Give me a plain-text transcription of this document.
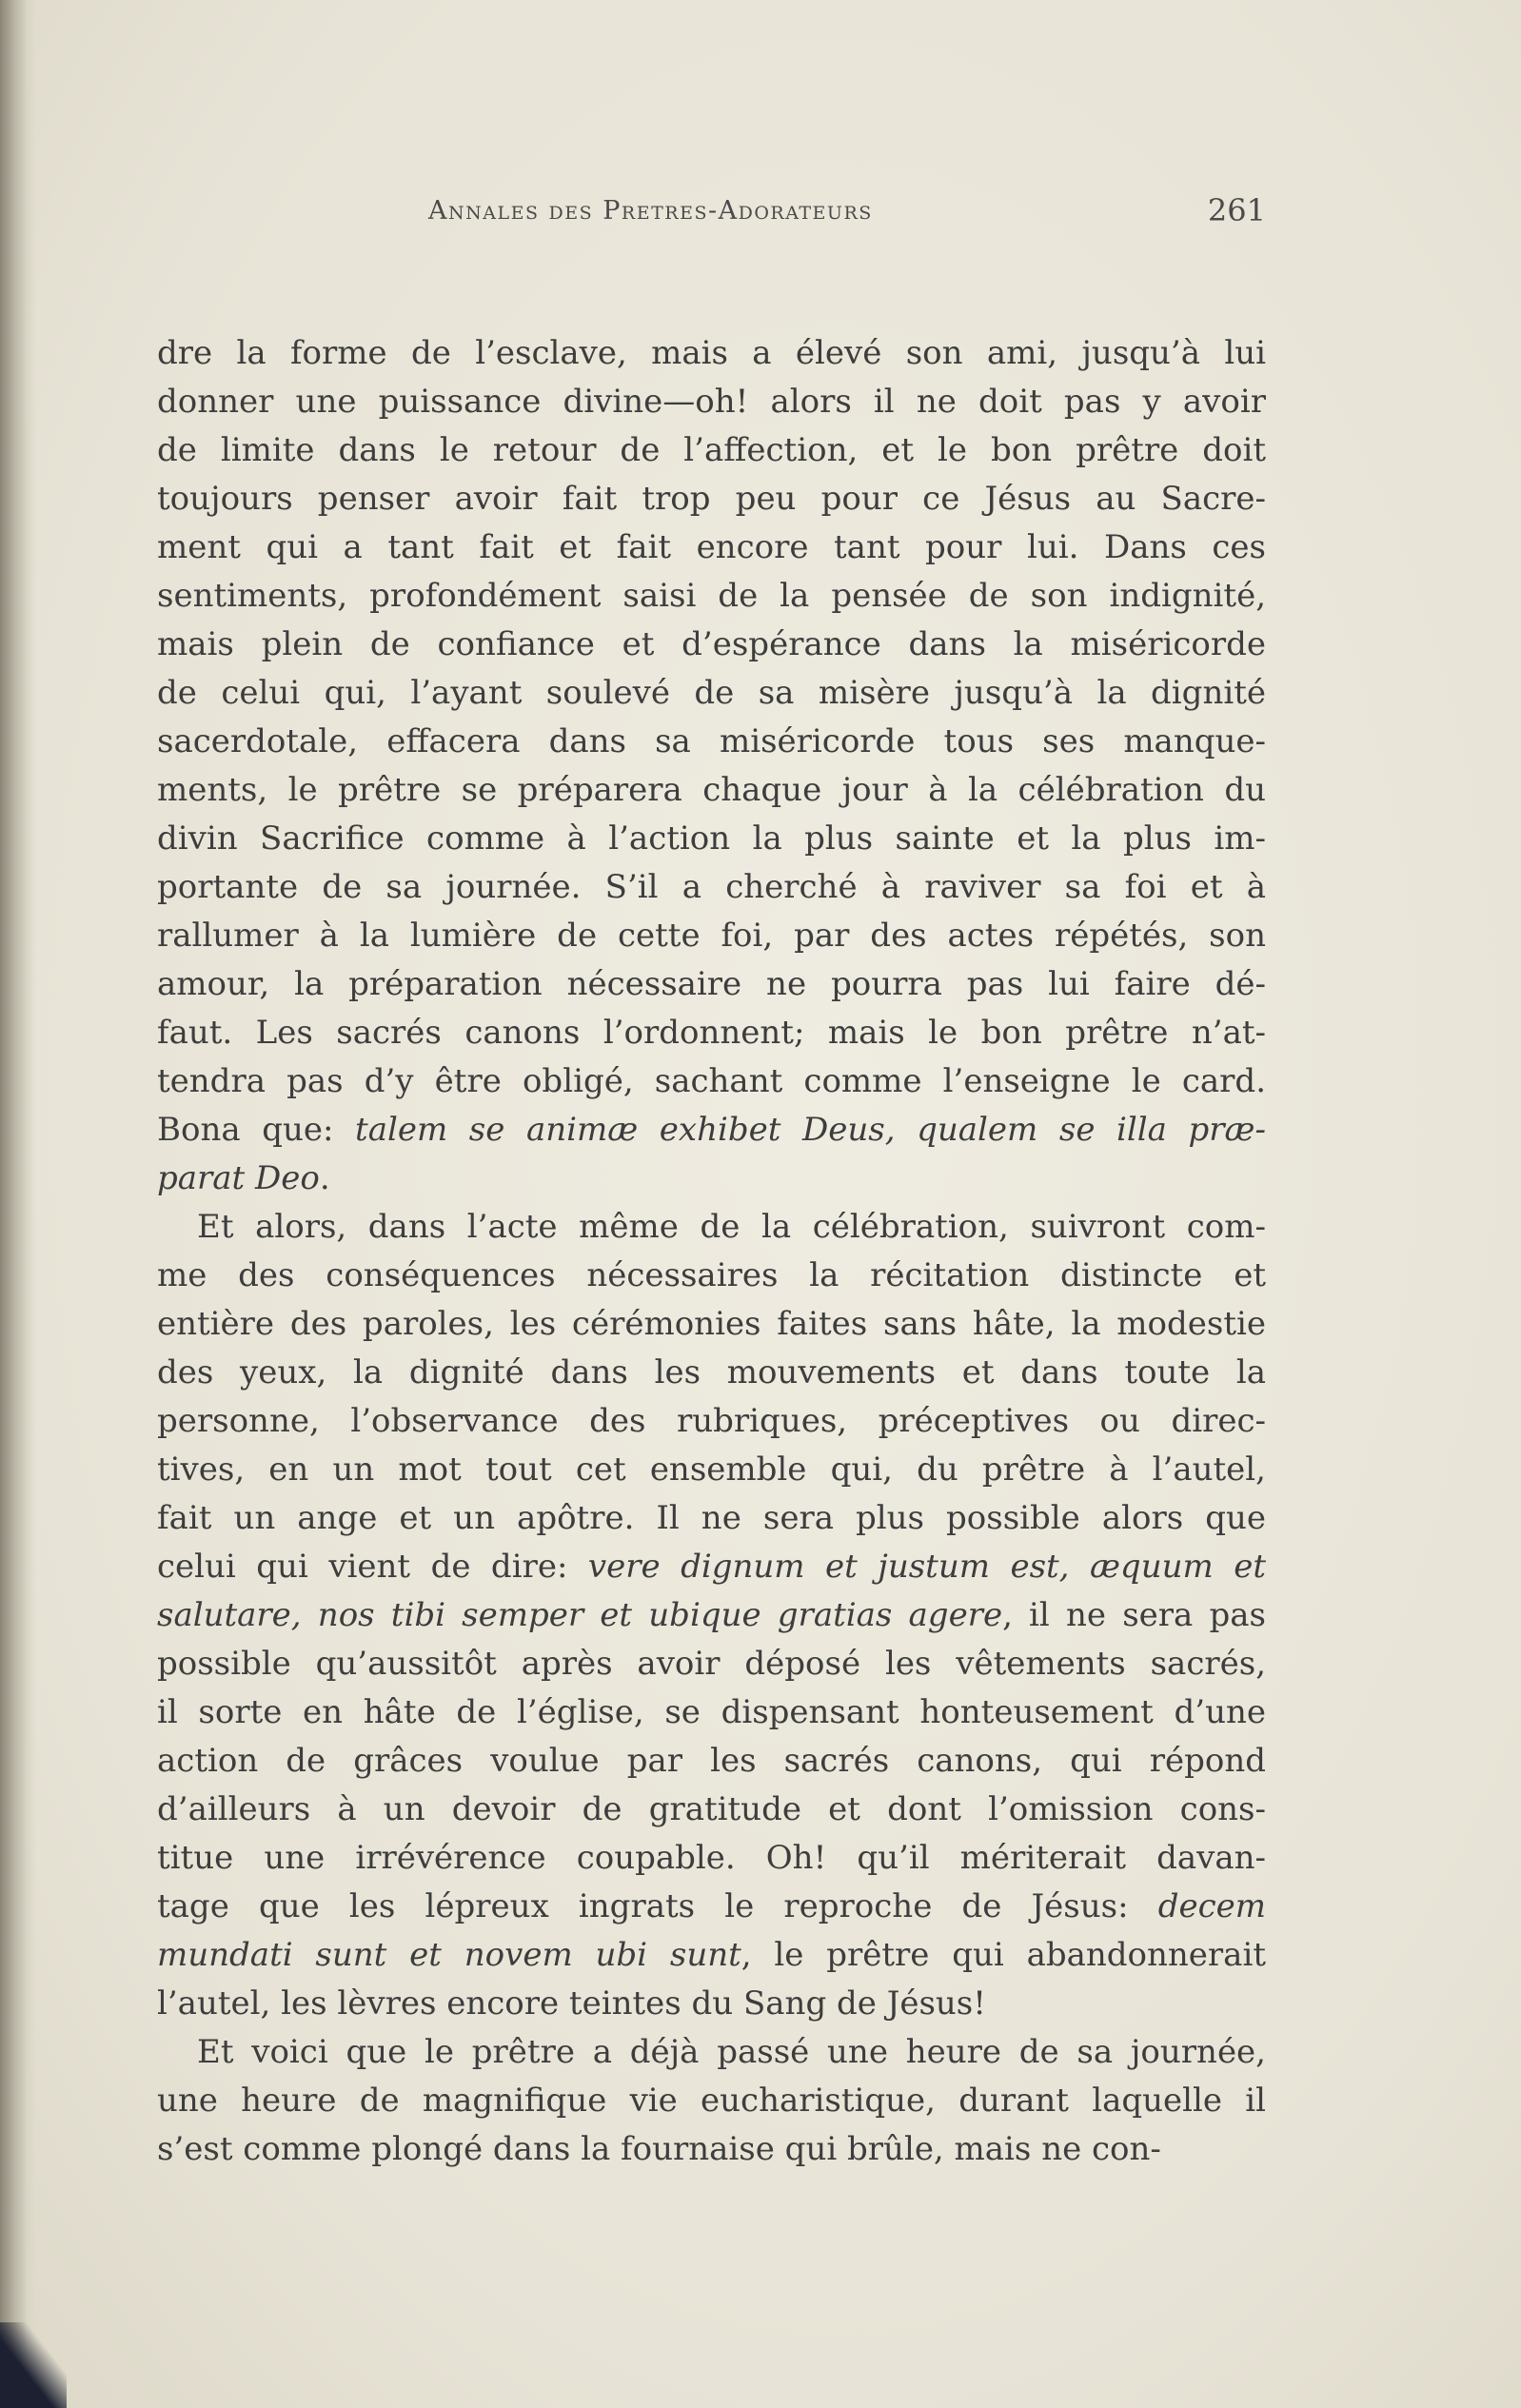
Annales des Pretres-Adorateurs	261
dre la forme de l’esclave, mais a élevé son ami, jusqu’à lui
donner une puissance divine—oh! alors il ne doit pas y avoir
de limite dans le retour de l’affection, et le bon prêtre doit
toujours penser avoir fait trop peu pour ce Jésus au Sacre-
ment qui a tant fait et fait encore tant pour lui. Dans ces
sentiments, profondément saisi de la pensée de son indignité,
mais plein de confiance et d’espérance dans la miséricorde
de celui qui, l’ayant soulevé de sa misère jusqu’à la dignité
sacerdotale, effacera dans sa miséricorde tous ses manque-
ments, le prêtre se préparera chaque jour à la célébration du
divin Sacrifice comme à l’action la plus sainte et la plus im-
portante de sa journée. S’il a cherché à raviver sa foi et à
rallumer à la lumière de cette foi, par des actes répétés, son
amour, la préparation nécessaire ne pourra pas lui faire dé-
faut. Les sacrés canons l’ordonnent; mais le bon prêtre n’at-
tendra pas d’y être obligé, sachant comme l’enseigne le card.
Bona que: talem se animæ exhibet Deus, qualem se illa præ-
parat Deo.
Et alors, dans l’acte même de la célébration, suivront com-
me des conséquences nécessaires la récitation distincte et
entière des paroles, les cérémonies faites sans hâte, la modestie
des yeux, la dignité dans les mouvements et dans toute la
personne, l’observance des rubriques, préceptives ou direc-
tives, en un mot tout cet ensemble qui, du prêtre à l’autel,
fait un ange et un apôtre. Il ne sera plus possible alors que
celui qui vient de dire: vere dignum et justum est, æquum et
salutare, nos tibi semper et ubique gratias agere, il ne sera pas
possible qu’aussitôt après avoir déposé les vêtements sacrés,
il sorte en hâte de l’église, se dispensant honteusement d’une
action de grâces voulue par les sacrés canons, qui répond
d’ailleurs à un devoir de gratitude et dont l’omission cons-
titue une irrévérence coupable. Oh! qu’il mériterait davan-
tage que les lépreux ingrats le reproche de Jésus: decem
mundati sunt et novem ubi sunt, le prêtre qui abandonnerait
l’autel, les lèvres encore teintes du Sang de Jésus!
Et voici que le prêtre a déjà passé une heure de sa journée,
une heure de magnifique vie eucharistique, durant laquelle il
s’est comme plongé dans la fournaise qui brûle, mais ne con-
